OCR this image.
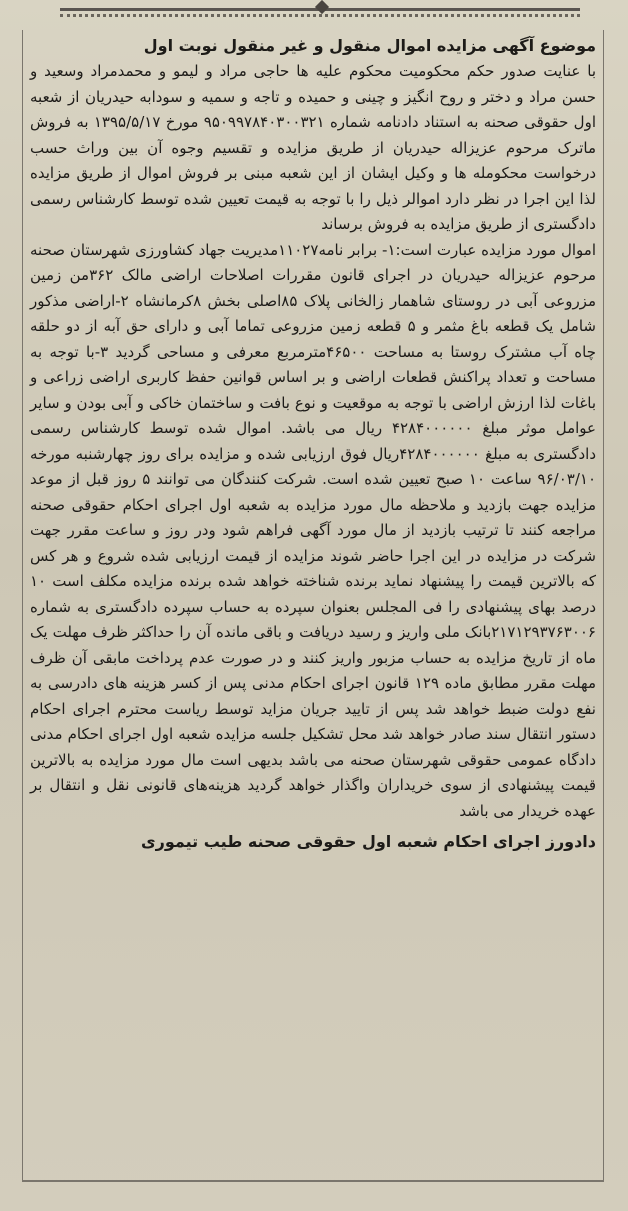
موضوع آگهی مزایده اموال منقول و غیر منقول نوبت اول

با عنایت صدور حکم محکومیت محکوم علیه ها حاجی مراد و لیمو و محمدمراد وسعید و حسن مراد و دختر و روح انگیز و چینی و حمیده و تاجه و سمیه و سودابه حیدریان از شعبه اول حقوقی صحنه به استناد دادنامه شماره ۹۵۰۹۹۷۸۴۰۳۰۰۳۲۱ مورخ ۱۳۹۵/۵/۱۷ به فروش ماترک مرحوم عزیزاله حیدریان از طریق مزایده و تقسیم وجوه آن بین وراث حسب درخواست محکومله ها و وکیل ایشان از این شعبه مبنی بر فروش اموال از طریق مزایده لذا این اجرا در نظر دارد اموالر ذیل را با توجه به قیمت تعیین شده توسط کارشناس رسمی دادگستری از طریق مزایده به فروش برساند

اموال مورد مزایده عبارت است:۱- برابر نامه۱۱۰۲۷مدیریت جهاد کشاورزی شهرستان صحنه مرحوم عزیزاله حیدریان در اجرای قانون مقررات اصلاحات اراضی مالک ۳۶۲من زمین مزروعی آبی در روستای شاهمار زالخانی پلاک ۸۵اصلی بخش ۸کرمانشاه ۲-اراضی مذکور شامل یک قطعه باغ مثمر و ۵ قطعه زمین مزروعی تماما آبی و دارای حق آبه از دو حلقه چاه آب مشترک روستا به مساحت ۴۶۵۰۰مترمربع معرفی و مساحی گردید ۳-با توجه به مساحت و تعداد پراکنش قطعات اراضی و بر اساس قوانین حفظ کاربری اراضی زراعی و باغات لذا ارزش اراضی با توجه به موقعیت و نوع بافت و ساختمان خاکی و آبی بودن و سایر عوامل موثر مبلغ ۴۲۸۴۰۰۰۰۰۰ ریال می باشد. اموال شده توسط کارشناس رسمی دادگستری به مبلغ ۴۲۸۴۰۰۰۰۰۰ریال فوق ارزیابی شده و مزایده برای روز چهارشنبه مورخه ۹۶/۰۳/۱۰ ساعت ۱۰ صبح تعیین شده است. شرکت کنندگان می توانند ۵ روز قبل از موعد مزایده جهت بازدید و ملاحظه مال مورد مزایده به شعبه اول اجرای احکام حقوقی صحنه مراجعه کنند تا ترتیب بازدید از مال مورد آگهی فراهم شود ودر روز و ساعت مقرر جهت شرکت در مزایده در این اجرا حاضر شوند مزایده از قیمت ارزیابی شده شروع و هر کس که بالاترین قیمت را پیشنهاد نماید برنده شناخته خواهد شده برنده مزایده مکلف است ۱۰ درصد بهای پیشنهادی را فی المجلس بعنوان سپرده به حساب سپرده دادگستری به شماره ۲۱۷۱۲۹۳۷۶۳۰۰۶بانک ملی واریز و رسید دریافت و باقی مانده آن را حداکثر ظرف مهلت یک ماه از تاریخ مزایده به حساب مزبور واریز کنند و در صورت عدم پرداخت مابقی آن ظرف مهلت مقرر مطابق ماده ۱۲۹ قانون اجرای احکام مدنی پس از کسر هزینه های دادرسی به نفع دولت ضبط خواهد شد پس از تایید جریان مزاید توسط ریاست محترم اجرای احکام دستور انتقال سند صادر خواهد شد محل تشکیل جلسه مزایده شعبه اول اجرای احکام مدنی دادگاه عمومی حقوقی شهرستان صحنه می باشد بدیهی است مال مورد مزایده به بالاترین قیمت پیشنهادی از سوی خریداران واگذار خواهد گردید هزینه‌های قانونی نقل و انتقال بر عهده خریدار می باشد

دادورز اجرای احکام شعبه اول حقوقی صحنه طیب تیموری
